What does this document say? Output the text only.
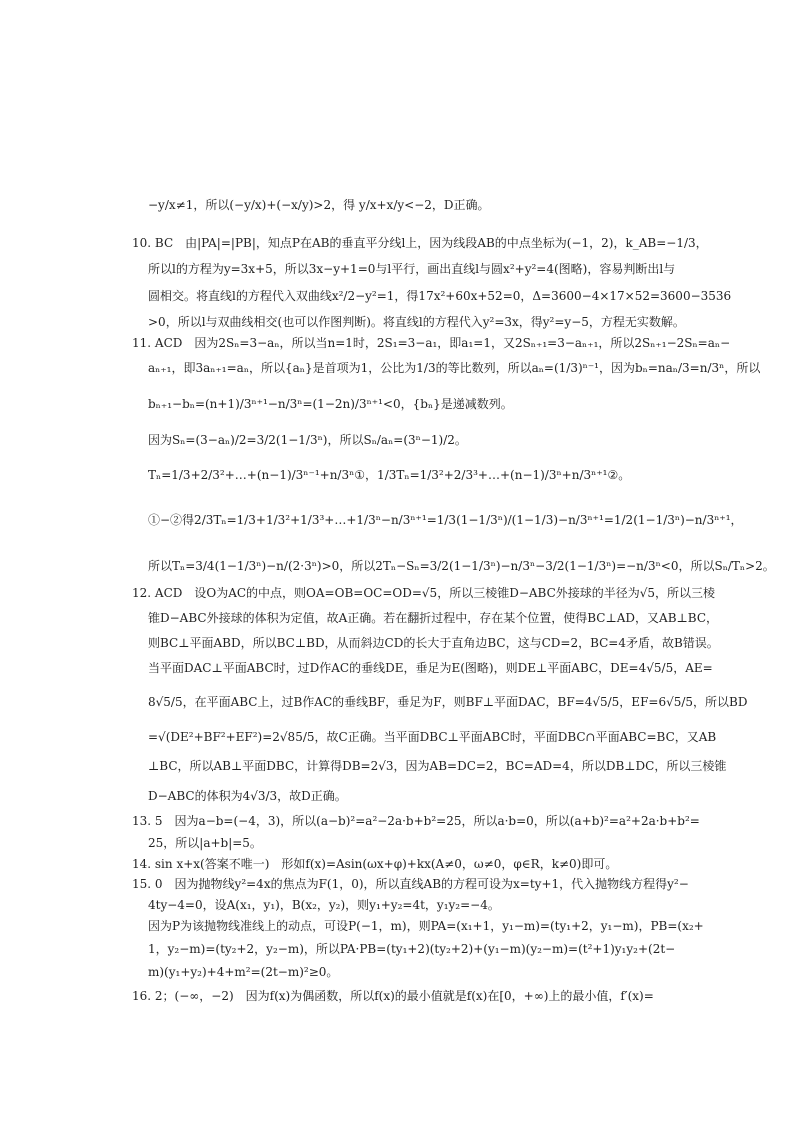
−y/x≠1，所以(−y/x)+(−x/y)>2，得 y/x+x/y<−2，D正确。
10. BC　由|PA|=|PB|，知点P在AB的垂直平分线l上，因为线段AB的中点坐标为(−1，2)，k_AB=−1/3，
所以l的方程为y=3x+5，所以3x−y+1=0与l平行，画出直线l与圆x²+y²=4(图略)，容易判断出l与
圆相交。将直线l的方程代入双曲线x²/2−y²=1，得17x²+60x+52=0，Δ=3600−4×17×52=3600−3536
>0，所以l与双曲线相交(也可以作图判断)。将直线l的方程代入y²=3x，得y²=y−5，方程无实数解。
11. ACD　因为2Sₙ=3−aₙ，所以当n=1时，2S₁=3−a₁，即a₁=1，又2Sₙ₊₁=3−aₙ₊₁，所以2Sₙ₊₁−2Sₙ=aₙ−
aₙ₊₁，即3aₙ₊₁=aₙ，所以{aₙ}是首项为1，公比为1/3的等比数列，所以aₙ=(1/3)ⁿ⁻¹，因为bₙ=naₙ/3=n/3ⁿ，所以
bₙ₊₁−bₙ=(n+1)/3ⁿ⁺¹−n/3ⁿ=(1−2n)/3ⁿ⁺¹<0，{bₙ}是递减数列。
因为Sₙ=(3−aₙ)/2=3/2(1−1/3ⁿ)，所以Sₙ/aₙ=(3ⁿ−1)/2。
Tₙ=1/3+2/3²+…+(n−1)/3ⁿ⁻¹+n/3ⁿ①，1/3Tₙ=1/3²+2/3³+…+(n−1)/3ⁿ+n/3ⁿ⁺¹②。
①−②得2/3Tₙ=1/3+1/3²+1/3³+…+1/3ⁿ−n/3ⁿ⁺¹=1/3(1−1/3ⁿ)/(1−1/3)−n/3ⁿ⁺¹=1/2(1−1/3ⁿ)−n/3ⁿ⁺¹，
所以Tₙ=3/4(1−1/3ⁿ)−n/(2·3ⁿ)>0，所以2Tₙ−Sₙ=3/2(1−1/3ⁿ)−n/3ⁿ−3/2(1−1/3ⁿ)=−n/3ⁿ<0，所以Sₙ/Tₙ>2。
12. ACD　设O为AC的中点，则OA=OB=OC=OD=√5，所以三棱锥D−ABC外接球的半径为√5，所以三棱
锥D−ABC外接球的体积为定值，故A正确。若在翻折过程中，存在某个位置，使得BC⊥AD，又AB⊥BC，
则BC⊥平面ABD，所以BC⊥BD，从而斜边CD的长大于直角边BC，这与CD=2，BC=4矛盾，故B错误。
当平面DAC⊥平面ABC时，过D作AC的垂线DE，垂足为E(图略)，则DE⊥平面ABC，DE=4√5/5，AE=
8√5/5，在平面ABC上，过B作AC的垂线BF，垂足为F，则BF⊥平面DAC，BF=4√5/5，EF=6√5/5，所以BD
=√(DE²+BF²+EF²)=2√85/5，故C正确。当平面DBC⊥平面ABC时，平面DBC∩平面ABC=BC，又AB
⊥BC，所以AB⊥平面DBC，计算得DB=2√3，因为AB=DC=2，BC=AD=4，所以DB⊥DC，所以三棱锥
D−ABC的体积为4√3/3，故D正确。
13. 5　因为a−b=(−4，3)，所以(a−b)²=a²−2a·b+b²=25，所以a·b=0，所以(a+b)²=a²+2a·b+b²=
25，所以|a+b|=5。
14. sin x+x(答案不唯一)　形如f(x)=Asin(ωx+φ)+kx(A≠0，ω≠0，φ∈R，k≠0)即可。
15. 0　因为抛物线y²=4x的焦点为F(1，0)，所以直线AB的方程可设为x=ty+1，代入抛物线方程得y²−
4ty−4=0，设A(x₁，y₁)，B(x₂，y₂)，则y₁+y₂=4t，y₁y₂=−4。
因为P为该抛物线准线上的动点，可设P(−1，m)，则PA=(x₁+1，y₁−m)=(ty₁+2，y₁−m)，PB=(x₂+
1，y₂−m)=(ty₂+2，y₂−m)，所以PA·PB=(ty₁+2)(ty₂+2)+(y₁−m)(y₂−m)=(t²+1)y₁y₂+(2t−
m)(y₁+y₂)+4+m²=(2t−m)²≥0。
16. 2；(−∞，−2)　因为f(x)为偶函数，所以f(x)的最小值就是f(x)在[0，+∞)上的最小值，f′(x)=
